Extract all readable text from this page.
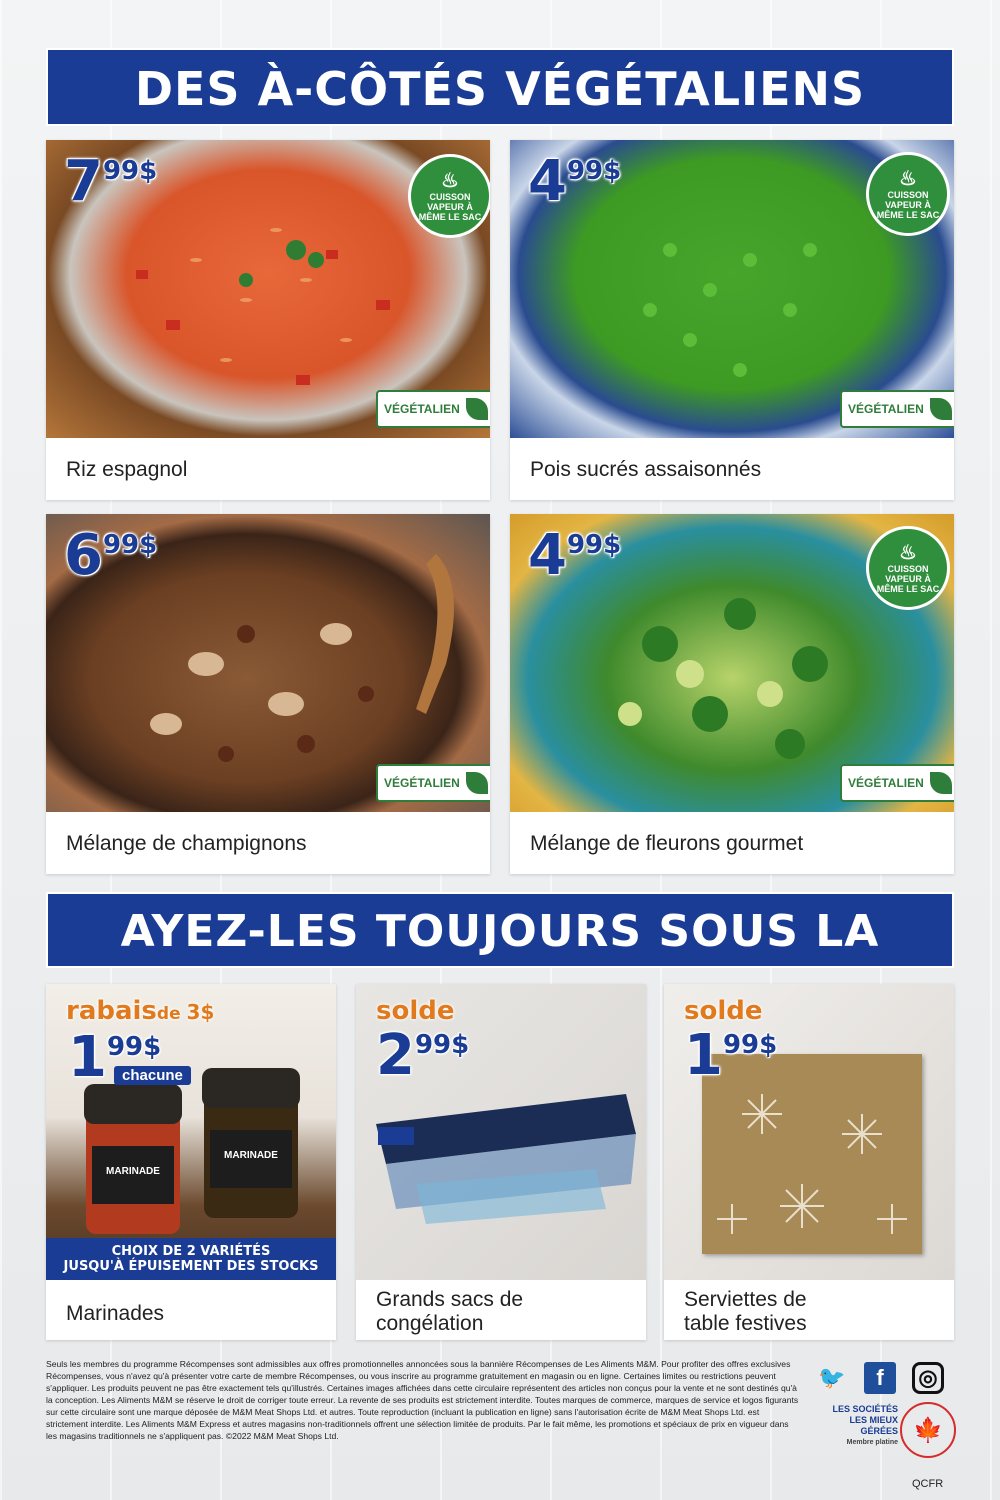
DES À-CÔTÉS VÉGÉTALIENS
799$	♨
CUISSON VAPEUR À MÊME LE SAC
VÉGÉTALIEN
Riz espagnol
499$	♨
CUISSON VAPEUR À MÊME LE SAC
VÉGÉTALIEN
Pois sucrés assaisonnés
699$
VÉGÉTALIEN
Mélange de champignons
499$	♨
CUISSON VAPEUR À MÊME LE SAC
VÉGÉTALIEN
Mélange de fleurons gourmet
AYEZ-LES TOUJOURS SOUS LA
MARINADE
MARINADE
rabaisde 3$
199$
chacune
CHOIX DE 2 VARIÉTÉS
JUSQU'À ÉPUISEMENT DES STOCKS
Marinades
solde
299$
Grands sacs de
congélation
solde
199$
Serviettes de
table festives
Seuls les membres du programme Récompenses sont admissibles aux offres promotionnelles annoncées sous la bannière Récompenses de Les Aliments M&M. Pour profiter des offres exclusives Récompenses, vous n'avez qu'à présenter votre carte de membre Récompenses, ou vous inscrire au programme gratuitement en magasin ou en ligne. Certaines limites ou restrictions peuvent s'appliquer. Les produits peuvent ne pas être exactement tels qu'illustrés. Certaines images affichées dans cette circulaire représentent des articles non conçus pour la vente et ne sont destinés qu'à la conception. Les Aliments M&M se réserve le droit de corriger toute erreur. La revente de ses produits est strictement interdite. Toutes marques de commerce, marques de service et logos figurants sur cette circulaire sont une marque déposée de M&M Meat Shops Ltd. et autres. Toute reproduction (incluant la publication en ligne) sans l'autorisation écrite de M&M Meat Shops Ltd. est strictement interdite. Les Aliments M&M Express et autres magasins non-traditionnels offrent une sélection limitée de produits. Par le fait même, les promotions et spéciaux de prix en vigueur dans les magasins traditionnels ne s'appliquent pas. ©2022 M&M Meat Shops Ltd.
🐦	f	◎
LES SOCIÉTÉS LES MIEUX GÉRÉES
Membre platine 🍁
QCFR
